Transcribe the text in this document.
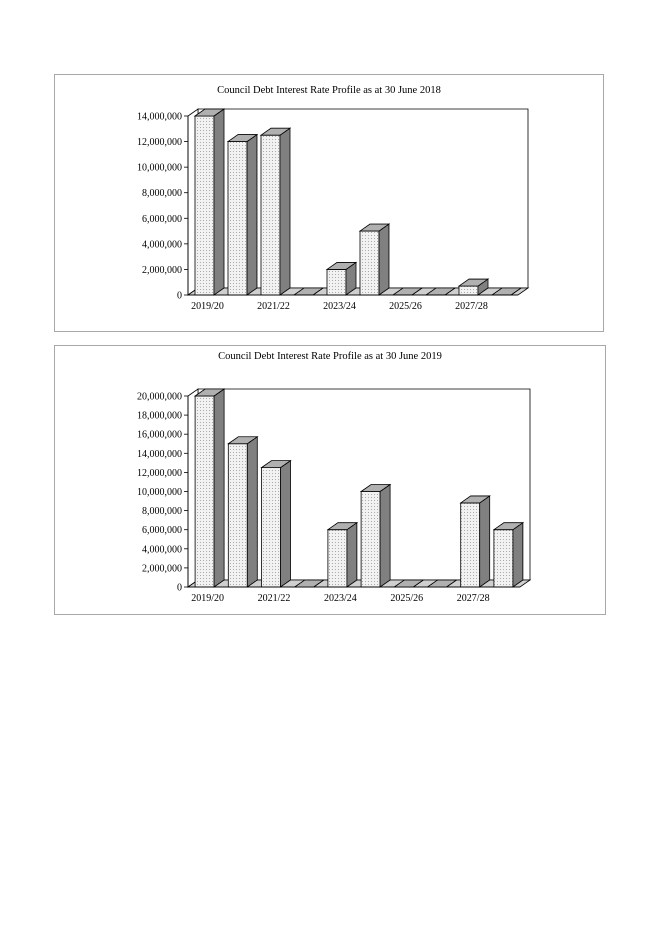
Council Debt Interest Rate Profile as at 30 June 2018
0
2,000,000
4,000,000
6,000,000
8,000,000
10,000,000
12,000,000
14,000,000
2019/20	2021/22	2023/24	2025/26	2027/28
Council Debt Interest Rate Profile as at 30 June 2019
0
2,000,000
4,000,000
6,000,000
8,000,000
10,000,000
12,000,000
14,000,000
16,000,000
18,000,000
20,000,000
2019/20	2021/22	2023/24	2025/26	2027/28
